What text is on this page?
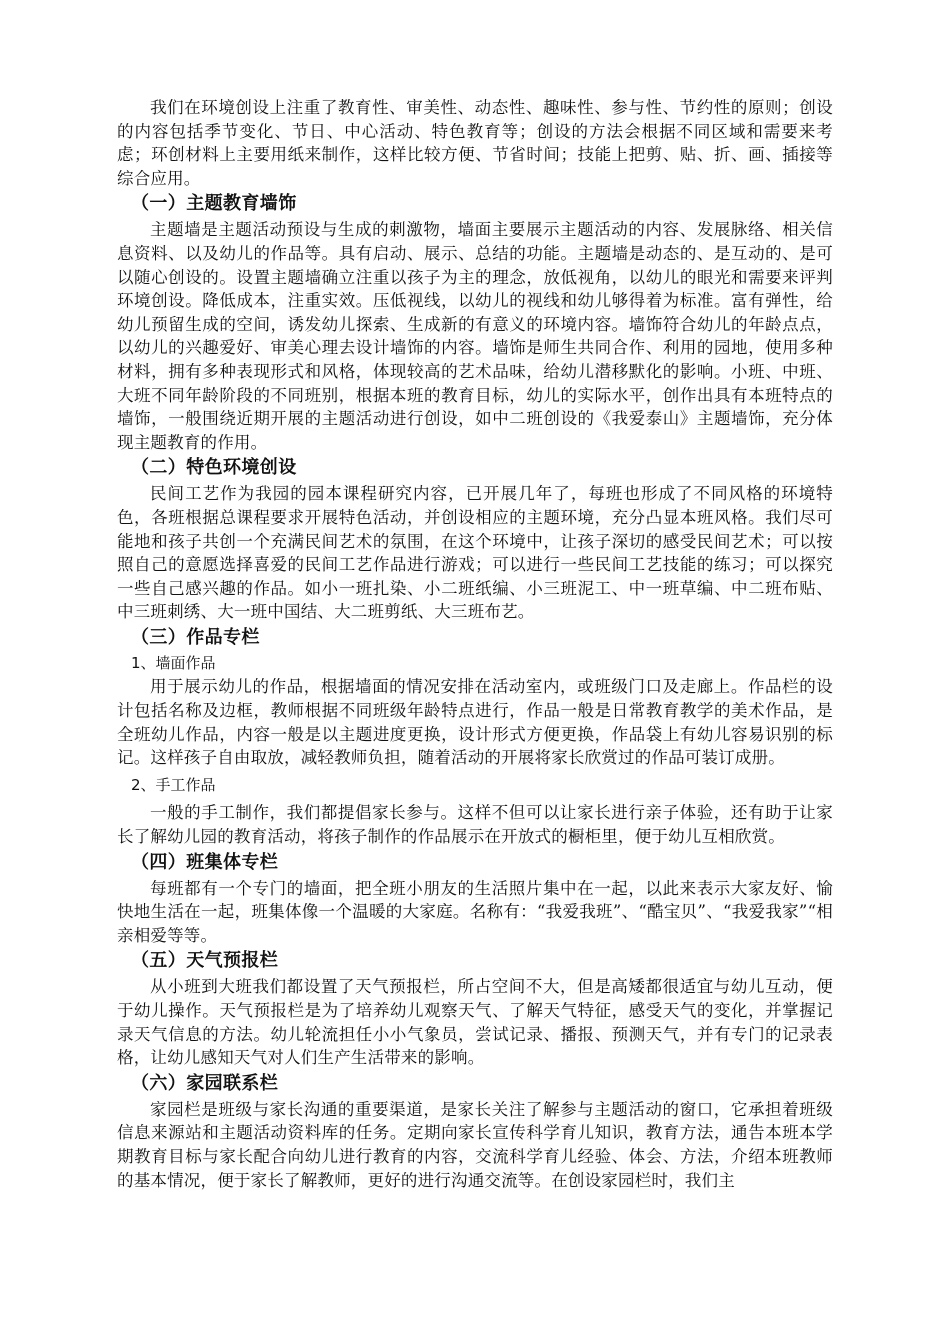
我们在环境创设上注重了教育性、审美性、动态性、趣味性、参与性、节约性的原则；创设的内容包括季节变化、节日、中心活动、特色教育等；创设的方法会根据不同区域和需要来考虑；环创材料上主要用纸来制作，这样比较方便、节省时间；技能上把剪、贴、折、画、插接等综合应用。

（一）主题教育墙饰

主题墙是主题活动预设与生成的刺激物，墙面主要展示主题活动的内容、发展脉络、相关信息资料、以及幼儿的作品等。具有启动、展示、总结的功能。主题墙是动态的、是互动的、是可以随心创设的。设置主题墙确立注重以孩子为主的理念，放低视角，以幼儿的眼光和需要来评判环境创设。降低成本，注重实效。压低视线，以幼儿的视线和幼儿够得着为标准。富有弹性，给幼儿预留生成的空间，诱发幼儿探索、生成新的有意义的环境内容。墙饰符合幼儿的年龄点点，以幼儿的兴趣爱好、审美心理去设计墙饰的内容。墙饰是师生共同合作、利用的园地，使用多种材料，拥有多种表现形式和风格，体现较高的艺术品味，给幼儿潜移默化的影响。小班、中班、大班不同年龄阶段的不同班别，根据本班的教育目标，幼儿的实际水平，创作出具有本班特点的墙饰，一般围绕近期开展的主题活动进行创设，如中二班创设的《我爱泰山》主题墙饰，充分体现主题教育的作用。

（二）特色环境创设

民间工艺作为我园的园本课程研究内容，已开展几年了，每班也形成了不同风格的环境特色，各班根据总课程要求开展特色活动，并创设相应的主题环境，充分凸显本班风格。我们尽可能地和孩子共创一个充满民间艺术的氛围，在这个环境中，让孩子深切的感受民间艺术；可以按照自己的意愿选择喜爱的民间工艺作品进行游戏；可以进行一些民间工艺技能的练习；可以探究一些自己感兴趣的作品。如小一班扎染、小二班纸编、小三班泥工、中一班草编、中二班布贴、中三班刺绣、大一班中国结、大二班剪纸、大三班布艺。

（三）作品专栏
1、墙面作品

用于展示幼儿的作品，根据墙面的情况安排在活动室内，或班级门口及走廊上。作品栏的设计包括名称及边框，教师根据不同班级年龄特点进行，作品一般是日常教育教学的美术作品，是全班幼儿作品，内容一般是以主题进度更换，设计形式方便更换，作品袋上有幼儿容易识别的标记。这样孩子自由取放，减轻教师负担，随着活动的开展将家长欣赏过的作品可装订成册。

2、手工作品

一般的手工制作，我们都提倡家长参与。这样不但可以让家长进行亲子体验，还有助于让家长了解幼儿园的教育活动，将孩子制作的作品展示在开放式的橱柜里，便于幼儿互相欣赏。

（四）班集体专栏

每班都有一个专门的墙面，把全班小朋友的生活照片集中在一起，以此来表示大家友好、愉快地生活在一起，班集体像一个温暖的大家庭。名称有：“我爱我班”、“酷宝贝”、“我爱我家”“相亲相爱等等。

（五）天气预报栏

从小班到大班我们都设置了天气预报栏，所占空间不大，但是高矮都很适宜与幼儿互动，便于幼儿操作。天气预报栏是为了培养幼儿观察天气、了解天气特征，感受天气的变化，并掌握记录天气信息的方法。幼儿轮流担任小小气象员，尝试记录、播报、预测天气，并有专门的记录表格，让幼儿感知天气对人们生产生活带来的影响。

（六）家园联系栏

家园栏是班级与家长沟通的重要渠道，是家长关注了解参与主题活动的窗口，它承担着班级信息来源站和主题活动资料库的任务。定期向家长宣传科学育儿知识，教育方法，通告本班本学期教育目标与家长配合向幼儿进行教育的内容，交流科学育儿经验、体会、方法，介绍本班教师的基本情况，便于家长了解教师，更好的进行沟通交流等。在创设家园栏时，我们主
